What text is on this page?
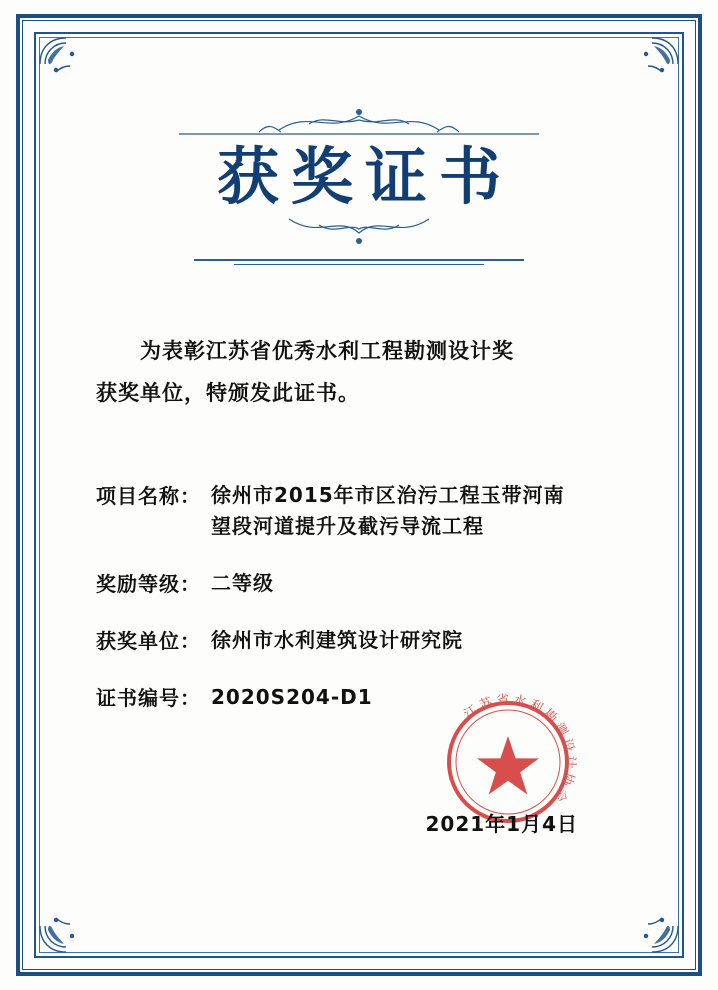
获奖证书
为表彰江苏省优秀水利工程勘测设计奖
获奖单位，特颁发此证书。
项目名称： 徐州市2015年市区治污工程玉带河南
望段河道提升及截污导流工程
奖励等级： 二等级
获奖单位： 徐州市水利建筑设计研究院
证书编号： 2020S204-D1
江苏省水利勘测设计协会
2021年1月4日
